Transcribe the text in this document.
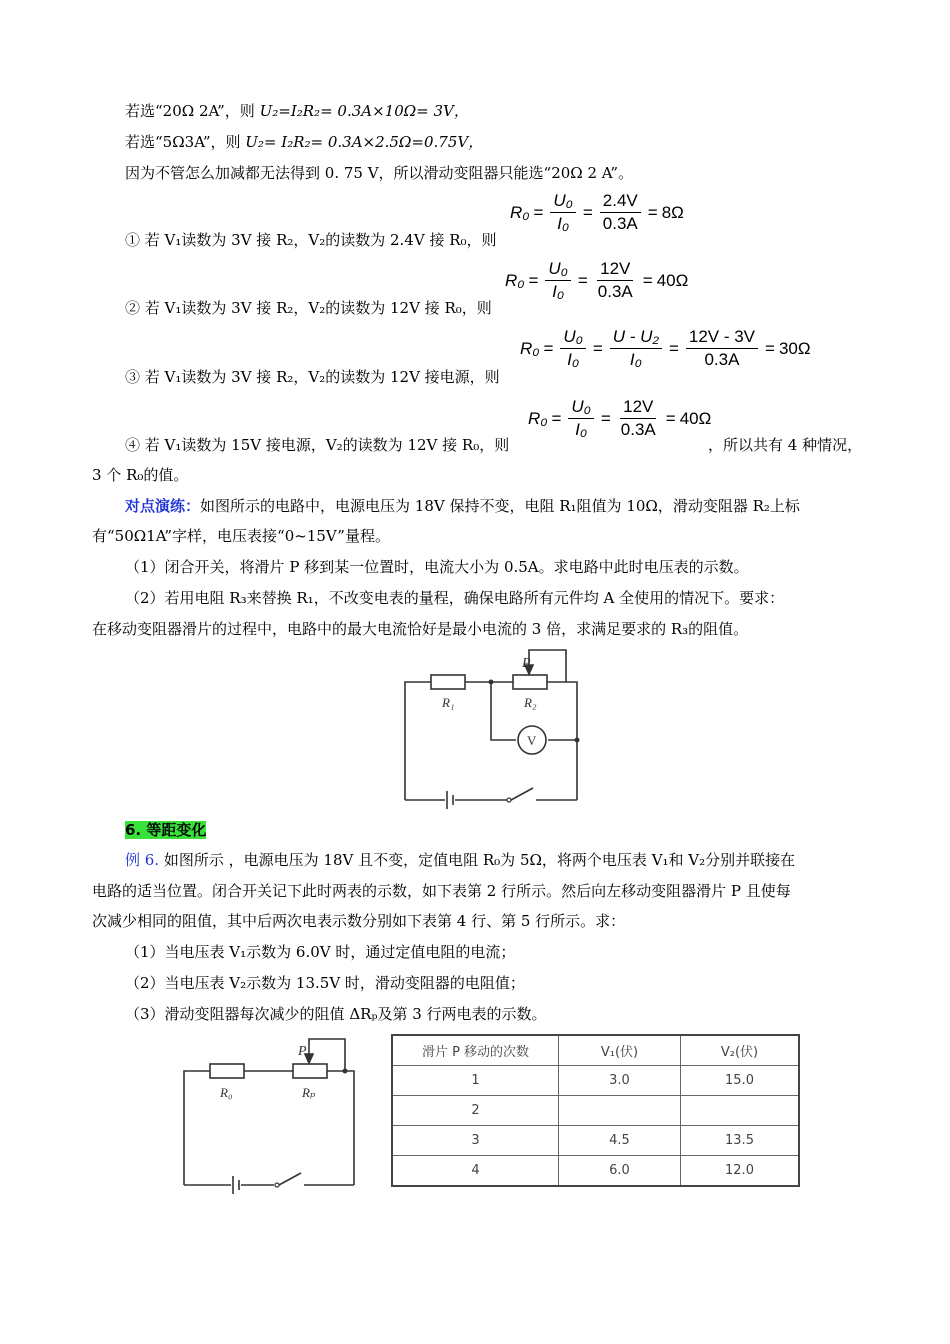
若选“20Ω 2A”，则 U₂=I₂R₂= 0.3A×10Ω= 3V，
若选“5Ω3A”，则 U₂= I₂R₂= 0.3A×2.5Ω=0.75V，
因为不管怎么加减都无法得到 0. 75 V，所以滑动变阻器只能选“20Ω 2 A”。
$R_0 = \frac{\text{U₀}}{\text{I₀}} = \frac{2.4V}{0.3A} = 8\Omega$
① 若 V₁读数为 3V 接 R₂，V₂的读数为 2.4V 接 R₀，则
$R_0 = \frac{\text{U₀}}{\text{I₀}} = \frac{12V}{0.3A} = 40\Omega$
② 若 V₁读数为 3V 接 R₂，V₂的读数为 12V 接 R₀，则
$R_0 = \frac{\text{U₀}}{\text{I₀}} = \frac{\text{U - U₂}}{\text{I₀}} = \frac{12V - 3V}{0.3A} = 30\Omega$
③ 若 V₁读数为 3V 接 R₂，V₂的读数为 12V 接电源，则
$R_0 = \frac{\text{U₀}}{\text{I₀}} = \frac{12V}{0.3A} = 40\Omega$
④ 若 V₁读数为 15V 接电源，V₂的读数为 12V 接 R₀，则	，所以共有 4 种情况，
3 个 R₀的值。
对点演练：如图所示的电路中，电源电压为 18V 保持不变，电阻 R₁阻值为 10Ω，滑动变阻器 R₂上标
有“50Ω1A”字样，电压表接“0~15V”量程。
（1）闭合开关，将滑片 P 移到某一位置时，电流大小为 0.5A。求电路中此时电压表的示数。
（2）若用电阻 R₃来替换 R₁，不改变电表的量程，确保电路所有元件均 A 全使用的情况下。要求：
在移动变阻器滑片的过程中，电路中的最大电流恰好是最小电流的 3 倍，求满足要求的 R₃的阻值。
P
R₁	R₂
V
6. 等距变化
例 6. 如图所示 ，电源电压为 18V 且不变，定值电阻 R₀为 5Ω，将两个电压表 V₁和 V₂分别并联接在
电路的适当位置。闭合开关记下此时两表的示数，如下表第 2 行所示。然后向左移动变阻器滑片 P 且使每
次减少相同的阻值，其中后两次电表示数分别如下表第 4 行、第 5 行所示。求：
（1）当电压表 V₁示数为 6.0V 时，通过定值电阻的电流；
（2）当电压表 V₂示数为 13.5V 时，滑动变阻器的电阻值；
（3）滑动变阻器每次减少的阻值 ΔRₚ及第 3 行两电表的示数。
P
R₀	Rₚ
滑片 P 移动的次数	V₁(伏)	V₂(伏)
1	3.0	15.0
2		
3	4.5	13.5
4	6.0	12.0
